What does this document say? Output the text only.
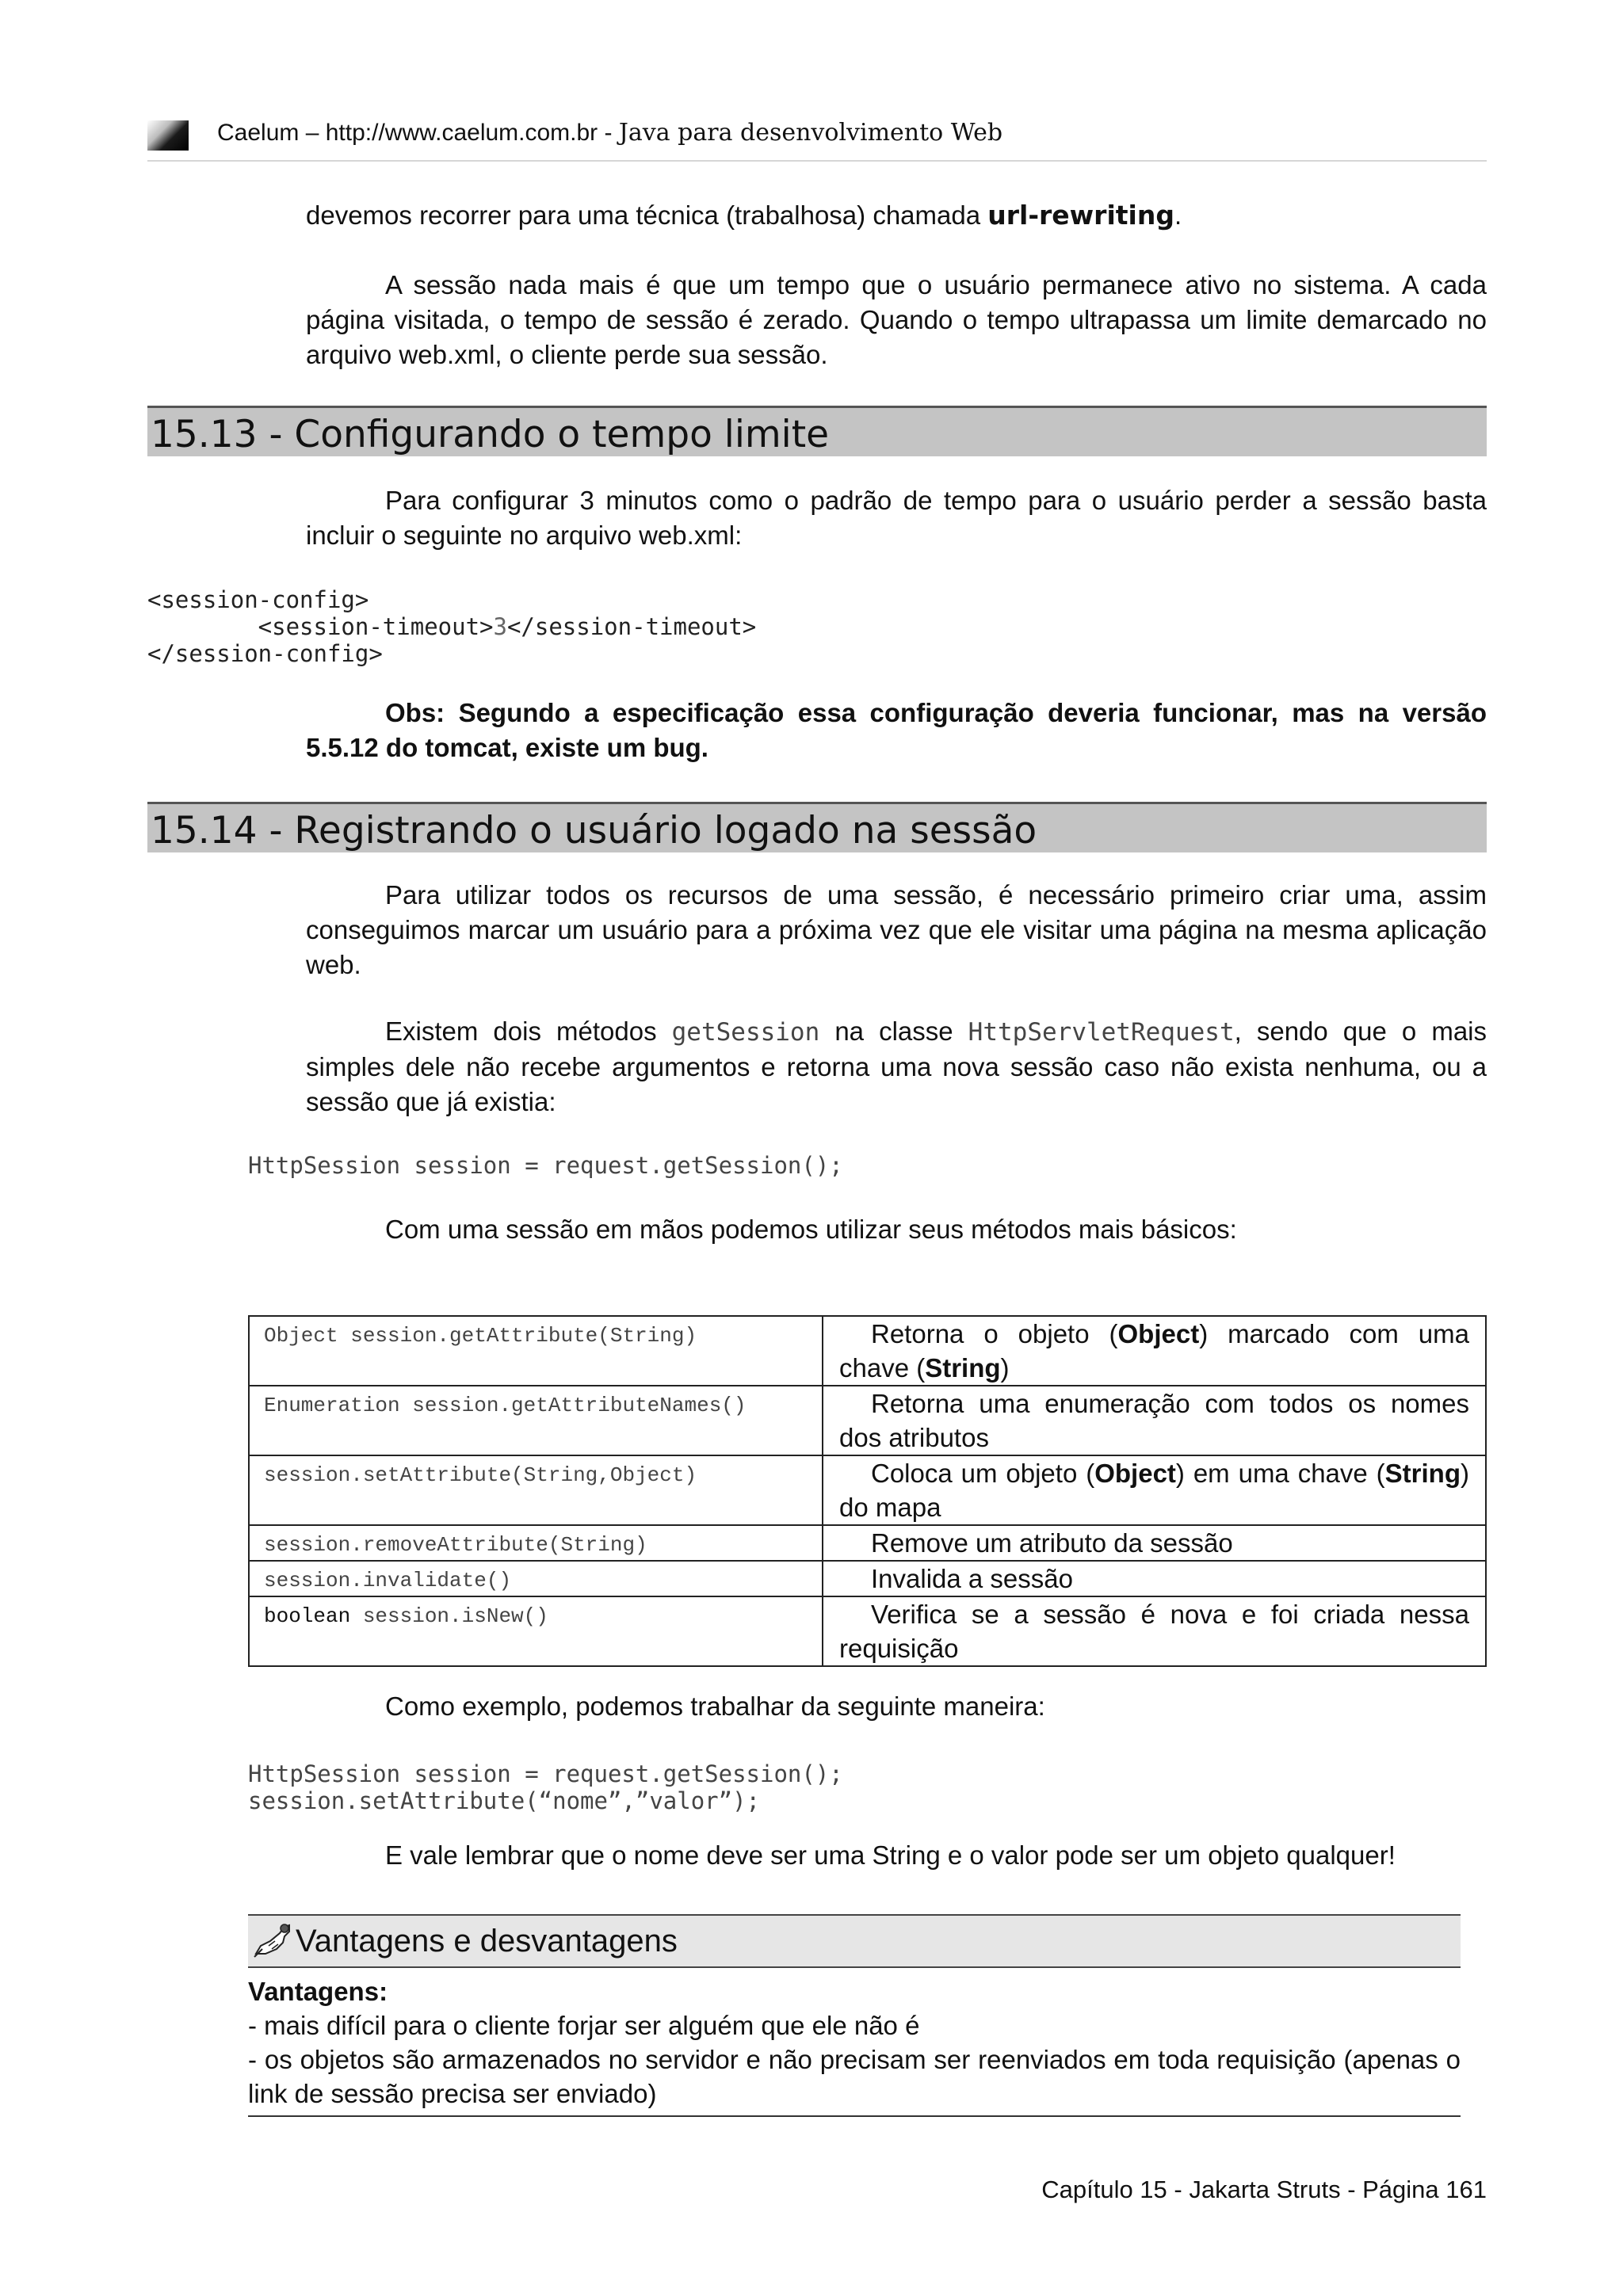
Caelum – http://www.caelum.com.br - Java para desenvolvimento Web

devemos recorrer para uma técnica (trabalhosa) chamada url-rewriting.

A sessão nada mais é que um tempo que o usuário permanece ativo no sistema. A cada página visitada, o tempo de sessão é zerado. Quando o tempo ultrapassa um limite demarcado no arquivo web.xml, o cliente perde sua sessão.

15.13 - Configurando o tempo limite

Para configurar 3 minutos como o padrão de tempo para o usuário perder a sessão basta incluir o seguinte no arquivo web.xml:

<session-config>
<session-timeout>3</session-timeout>
</session-config>

Obs: Segundo a especificação essa configuração deveria funcionar, mas na versão 5.5.12 do tomcat, existe um bug.

15.14 - Registrando o usuário logado na sessão

Para utilizar todos os recursos de uma sessão, é necessário primeiro criar uma, assim conseguimos marcar um usuário para a próxima vez que ele visitar uma página na mesma aplicação web.

Existem dois métodos getSession na classe HttpServletRequest, sendo que o mais simples dele não recebe argumentos e retorna uma nova sessão caso não exista nenhuma, ou a sessão que já existia:

HttpSession session = request.getSession();

Com uma sessão em mãos podemos utilizar seus métodos mais básicos:

Object session.getAttribute(String)	Retorna o objeto (Object) marcado com uma chave (String)
Enumeration session.getAttributeNames()	Retorna uma enumeração com todos os nomes dos atributos
session.setAttribute(String,Object)	Coloca um objeto (Object) em uma chave (String) do mapa
session.removeAttribute(String)	Remove um atributo da sessão
session.invalidate()	Invalida a sessão
boolean session.isNew()	Verifica se a sessão é nova e foi criada nessa requisição

Como exemplo, podemos trabalhar da seguinte maneira:

HttpSession session = request.getSession();
session.setAttribute(“nome”,”valor”);

E vale lembrar que o nome deve ser uma String e o valor pode ser um objeto qualquer!

Vantagens e desvantagens
Vantagens:
- mais difícil para o cliente forjar ser alguém que ele não é
- os objetos são armazenados no servidor e não precisam ser reenviados em toda requisição (apenas o link de sessão precisa ser enviado)
Capítulo 15 - Jakarta Struts - Página 161
